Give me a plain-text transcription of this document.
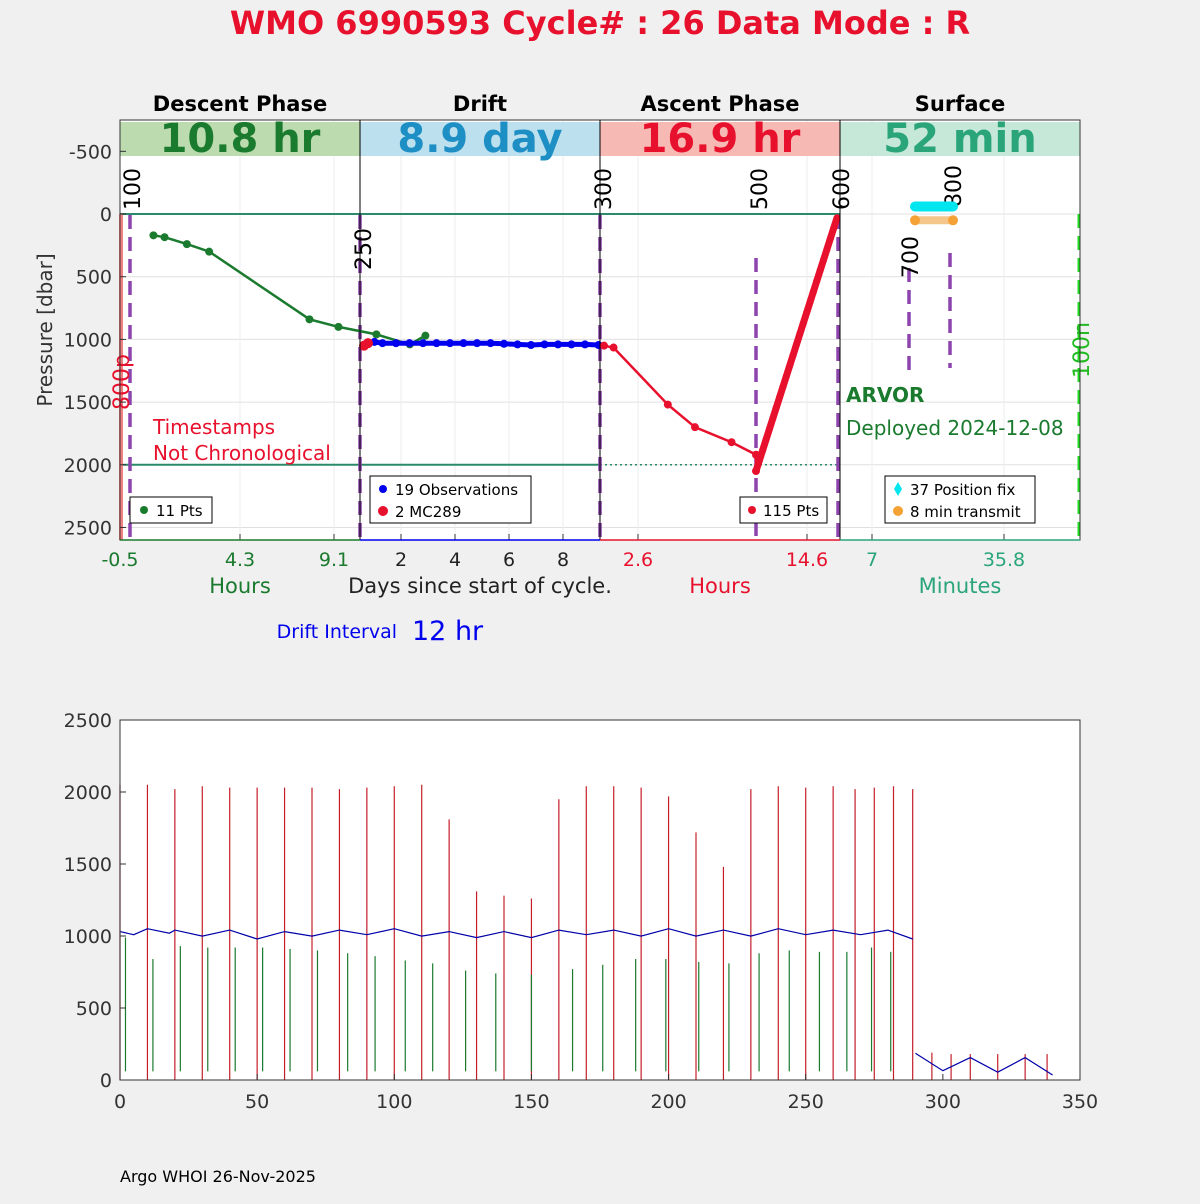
WMO 6990593 Cycle# : 26 Data Mode : R
10.8 hr 8.9 day 16.9 hr 52 min
100
250
300	500	600
700
800
800p
100n
-500
0
500
1000
1500
2000
2500
Descent Phase
-0.5	4.3	9.1
Hours
Drift
2 4 6 8
Days since start of cycle.
Ascent Phase
2.6	14.6
Hours
Surface
7	35.8
Minutes
Pressure [dbar]
Timestamps
Not Chronological
ARVOR
Deployed 2024-12-08
11 Pts
19 Observations
2 MC289	115 Pts
37 Position fix
8 min transmit
Drift Interval 12 hr
0	50	100	150	200	250	300	350
0
500
1000
1500
2000
2500
Argo WHOI 26-Nov-2025
